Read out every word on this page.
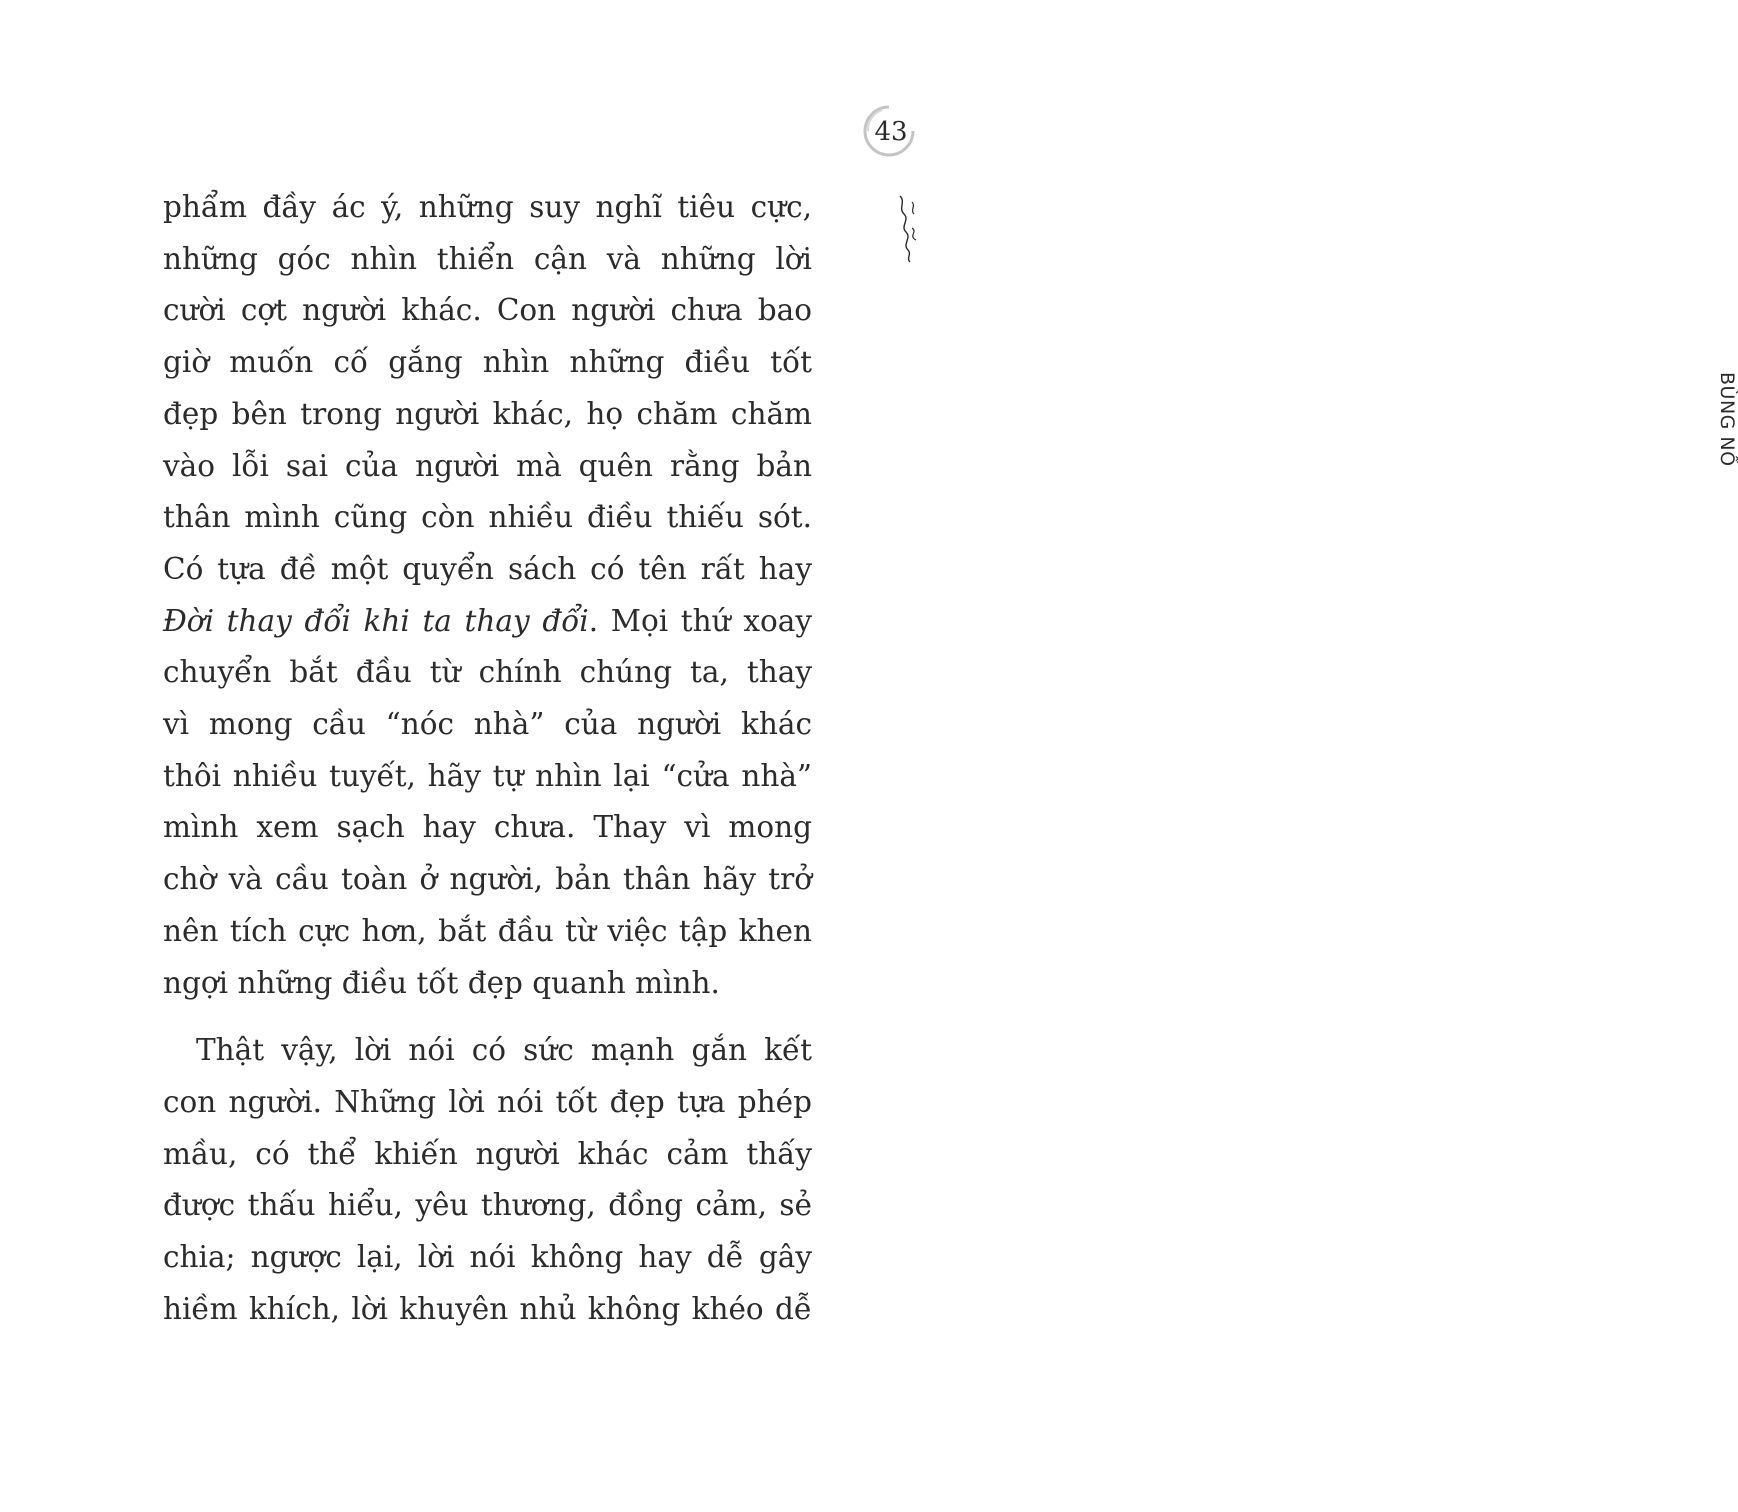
43
BÙNG NỔ

phẩm đầy ác ý, những suy nghĩ tiêu cực,
những góc nhìn thiển cận và những lời
cười cợt người khác. Con người chưa bao
giờ muốn cố gắng nhìn những điều tốt
đẹp bên trong người khác, họ chăm chăm
vào lỗi sai của người mà quên rằng bản
thân mình cũng còn nhiều điều thiếu sót.
Có tựa đề một quyển sách có tên rất hay
Đời thay đổi khi ta thay đổi. Mọi thứ xoay
chuyển bắt đầu từ chính chúng ta, thay
vì mong cầu “nóc nhà” của người khác
thôi nhiều tuyết, hãy tự nhìn lại “cửa nhà”
mình xem sạch hay chưa. Thay vì mong
chờ và cầu toàn ở người, bản thân hãy trở
nên tích cực hơn, bắt đầu từ việc tập khen
ngợi những điều tốt đẹp quanh mình.

Thật vậy, lời nói có sức mạnh gắn kết
con người. Những lời nói tốt đẹp tựa phép
mầu, có thể khiến người khác cảm thấy
được thấu hiểu, yêu thương, đồng cảm, sẻ
chia; ngược lại, lời nói không hay dễ gây
hiềm khích, lời khuyên nhủ không khéo dễ
